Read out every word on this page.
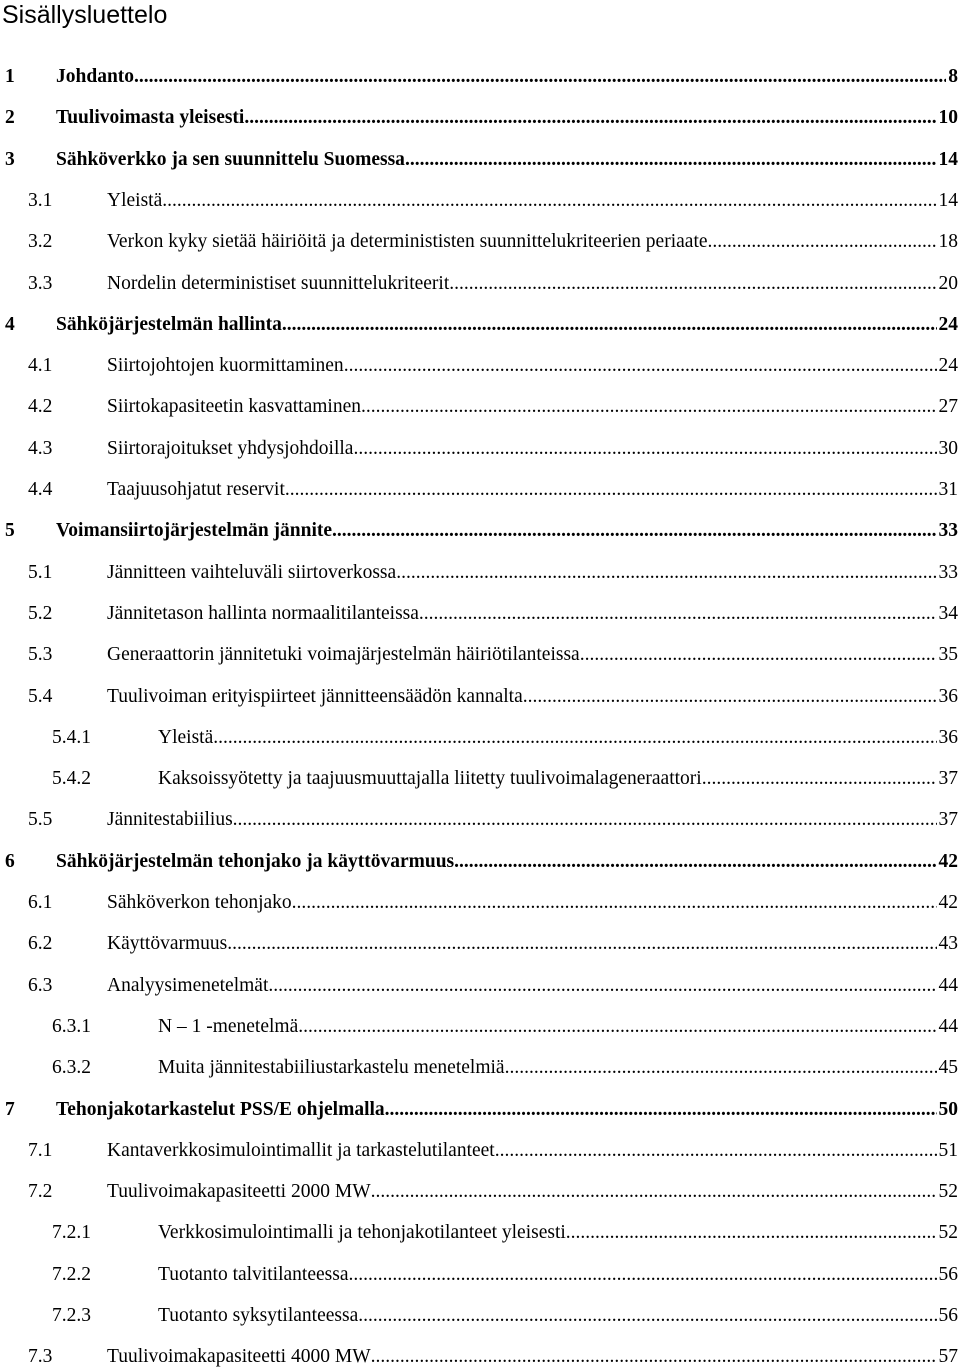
Sisällysluettelo
1 Johdanto .....	8
2 Tuulivoimasta yleisesti .....	10
3 Sähköverkko ja sen suunnittelu Suomessa .....	14
3.1	Yleistä .....	14
3.2	Verkon kyky sietää häiriöitä ja determinististen suunnittelukriteerien periaate .....	18
3.3	Nordelin deterministiset suunnittelukriteerit .....	20
4 Sähköjärjestelmän hallinta .....	24
4.1	Siirtojohtojen kuormittaminen .....	24
4.2	Siirtokapasiteetin kasvattaminen .....	27
4.3	Siirtorajoitukset yhdysjohdoilla .....	30
4.4	Taajuusohjatut reservit .....	31
5 Voimansiirtojärjestelmän jännite .....	33
5.1	Jännitteen vaihteluväli siirtoverkossa .....	33
5.2	Jännitetason hallinta normaalitilanteissa .....	34
5.3	Generaattorin jännitetuki voimajärjestelmän häiriötilanteissa .....	35
5.4	Tuulivoiman erityispiirteet jännitteensäädön kannalta .....	36
5.4.1	Yleistä .....	36
5.4.2	Kaksoissyötetty ja taajuusmuuttajalla liitetty tuulivoimalageneraattori .....	37
5.5	Jännitestabiilius .....	37
6 Sähköjärjestelmän tehonjako ja käyttövarmuus .....	42
6.1	Sähköverkon tehonjako. .....	42
6.2	Käyttövarmuus .....	43
6.3	Analyysimenetelmät .....	44
6.3.1	N – 1 -menetelmä .....	44
6.3.2	Muita jännitestabiiliustarkastelu menetelmiä .....	45
7 Tehonjakotarkastelut PSS/E ohjelmalla .....	50
7.1	Kantaverkkosimulointimallit ja tarkastelutilanteet .....	51
7.2	Tuulivoimakapasiteetti 2000 MW .....	52
7.2.1	Verkkosimulointimalli ja tehonjakotilanteet yleisesti .....	52
7.2.2	Tuotanto talvitilanteessa .....	56
7.2.3	Tuotanto syksytilanteessa .....	56
7.3	Tuulivoimakapasiteetti 4000 MW .....	57
